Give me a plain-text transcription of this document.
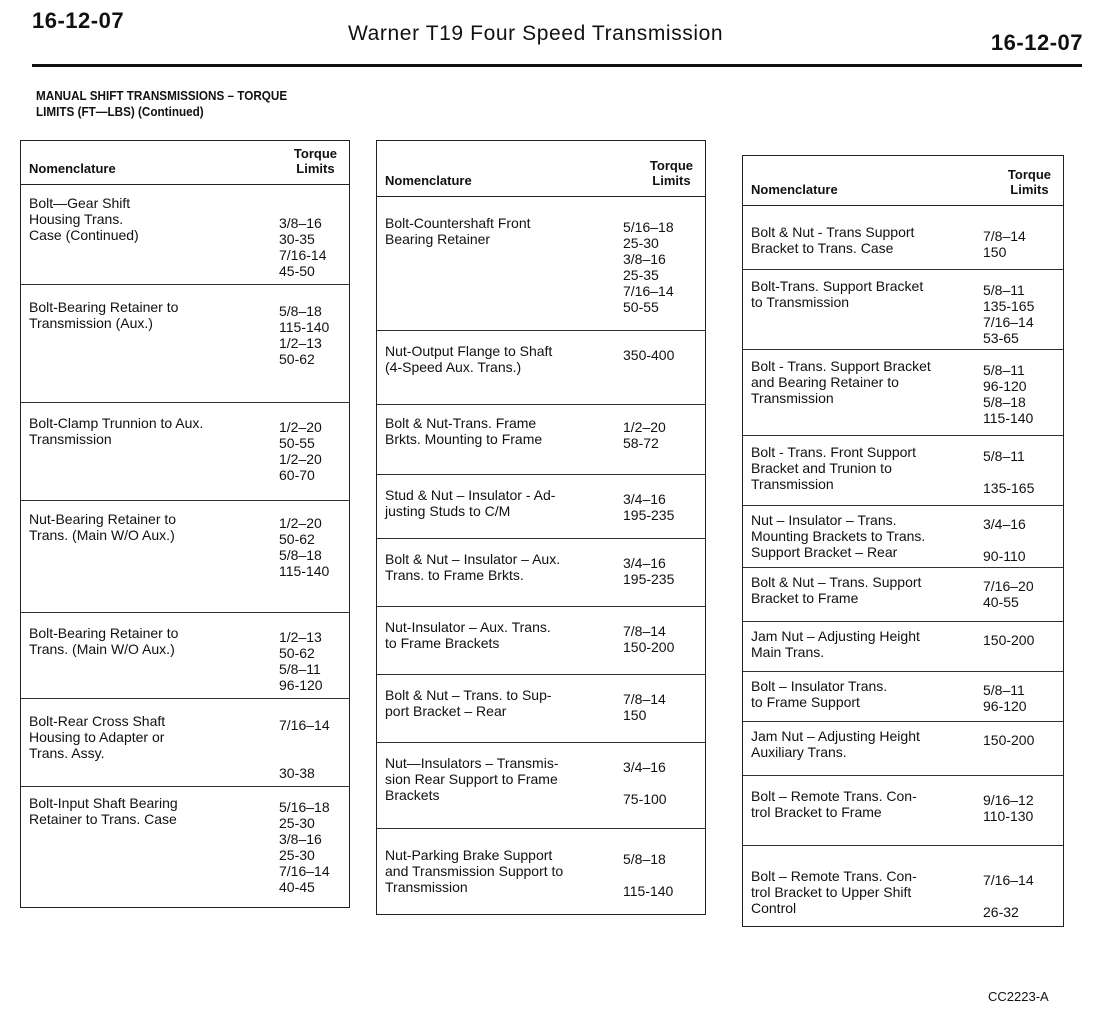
16-12-07
Warner T19 Four Speed Transmission	16-12-07
MANUAL SHIFT TRANSMISSIONS – TORQUE
LIMITS (FT—LBS) (Continued)
Nomenclature
Torque
Limits
Bolt—Gear Shift
Housing Trans.
Case (Continued)

3/8–16
30-35
7/16-14
45-50
Bolt-Bearing Retainer to
Transmission (Aux.)
5/8–18
115-140
1/2–13
50-62
Bolt-Clamp Trunnion to Aux.
Transmission
1/2–20
50-55
1/2–20
60-70
Nut-Bearing Retainer to
Trans. (Main W/O Aux.)
1/2–20
50-62
5/8–18
115-140
Bolt-Bearing Retainer to
Trans. (Main W/O Aux.)
1/2–13
50-62
5/8–11
96-120
Bolt-Rear Cross Shaft
Housing to Adapter or
Trans. Assy.
7/16–14

30-38
Bolt-Input Shaft Bearing
Retainer to Trans. Case
5/16–18
25-30
3/8–16
25-30
7/16–14
40-45
Nomenclature
Torque
Limits
Bolt-Countershaft Front
Bearing Retainer
5/16–18
25-30
3/8–16
25-35
7/16–14
50-55
Nut-Output Flange to Shaft
(4-Speed Aux. Trans.)
350-400
Bolt & Nut-Trans. Frame
Brkts. Mounting to Frame
1/2–20
58-72
Stud & Nut – Insulator - Ad-
justing Studs to C/M
3/4–16
195-235
Bolt & Nut – Insulator – Aux.
Trans. to Frame Brkts.
3/4–16
195-235
Nut-Insulator – Aux. Trans.
to Frame Brackets
7/8–14
150-200
Bolt & Nut – Trans. to Sup-
port Bracket – Rear
7/8–14
150
Nut—Insulators – Transmis-
sion Rear Support to Frame
Brackets
3/4–16

75-100
Nut-Parking Brake Support
and Transmission Support to
Transmission
5/8–18

115-140
Nomenclature
Torque
Limits
Bolt & Nut - Trans Support
Bracket to Trans. Case
7/8–14
150
Bolt-Trans. Support Bracket
to Transmission
5/8–11
135-165
7/16–14
53-65
Bolt - Trans. Support Bracket
and Bearing Retainer to
Transmission
5/8–11
96-120
5/8–18
115-140
Bolt - Trans. Front Support
Bracket and Trunion to
Transmission
5/8–11

135-165
Nut – Insulator – Trans.
Mounting Brackets to Trans.
Support Bracket – Rear
3/4–16

90-110
Bolt & Nut – Trans. Support
Bracket to Frame
7/16–20
40-55
Jam Nut – Adjusting Height
Main Trans.
150-200
Bolt – Insulator Trans.
to Frame Support
5/8–11
96-120
Jam Nut – Adjusting Height
Auxiliary Trans.
150-200
Bolt – Remote Trans. Con-
trol Bracket to Frame
9/16–12
110-130
Bolt – Remote Trans. Con-
trol Bracket to Upper Shift
Control
7/16–14

26-32
CC2223-A
